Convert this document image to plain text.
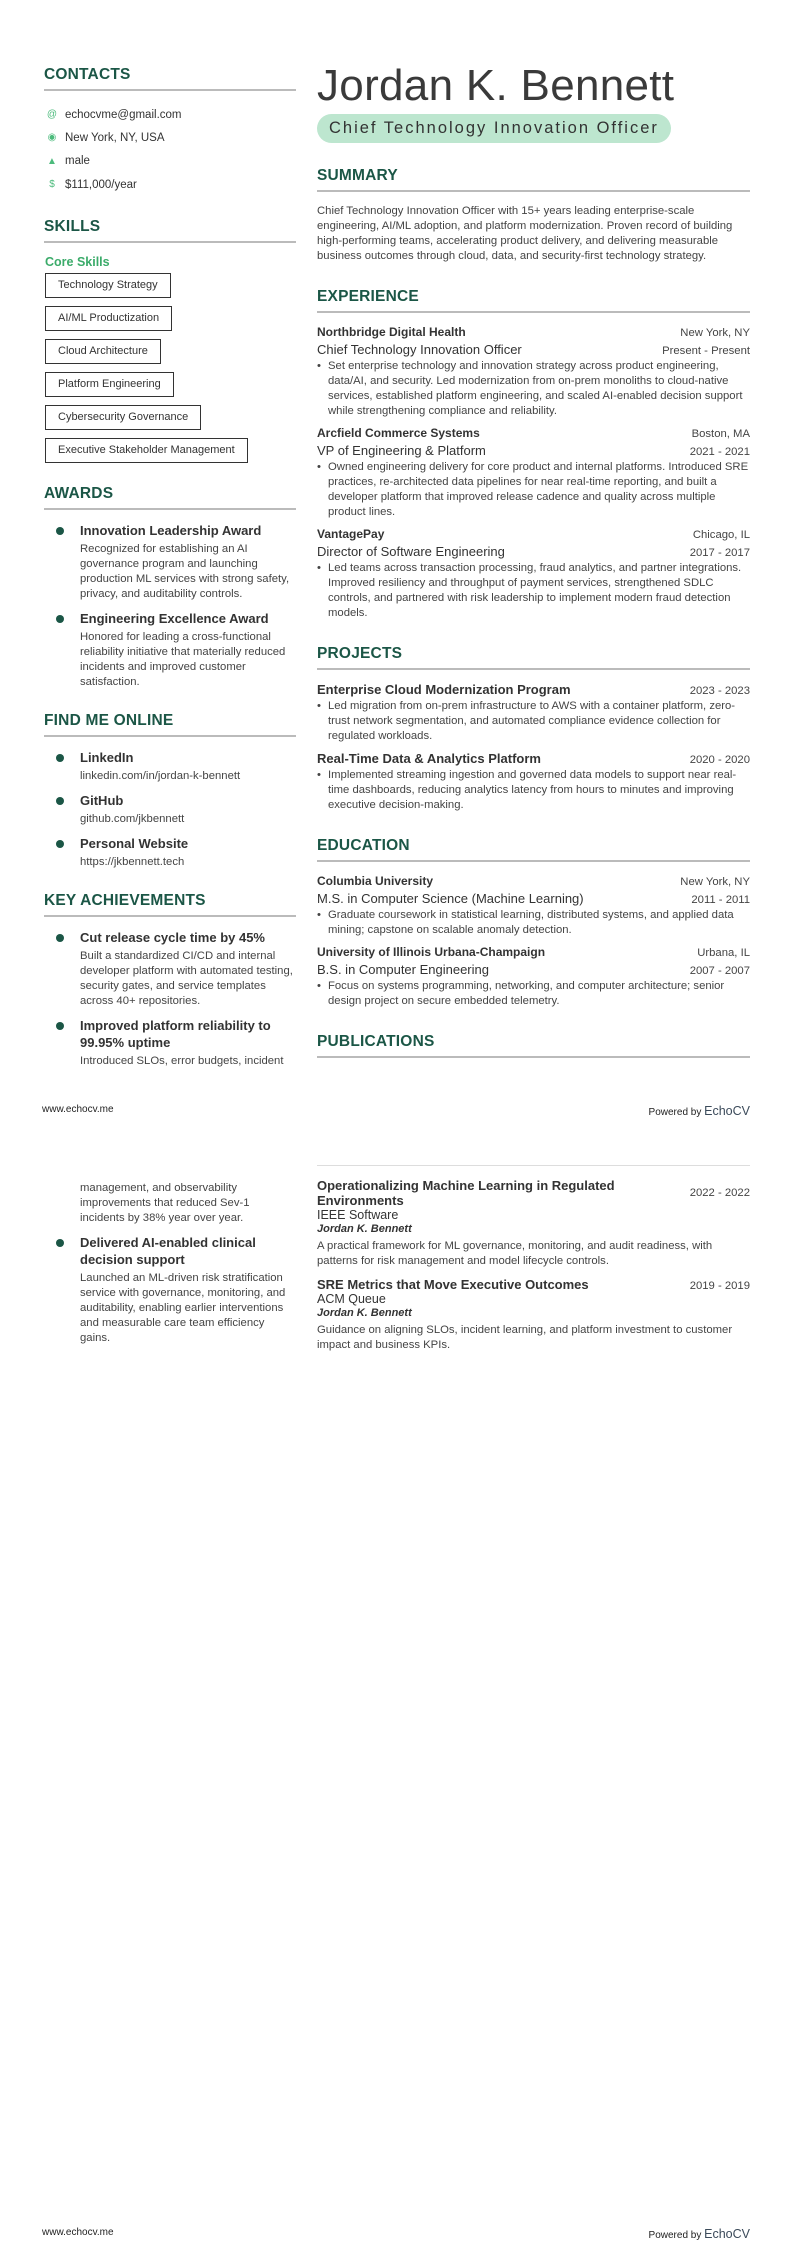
CONTACTS
@ echocvme@gmail.com
◉ New York, NY, USA
▲ male
$ $111,000/year
SKILLS
Core Skills
Technology Strategy
AI/ML Productization
Cloud Architecture
Platform Engineering
Cybersecurity Governance
Executive Stakeholder Management
AWARDS
Innovation Leadership Award
Recognized for establishing an AI governance program and launching production ML services with strong safety, privacy, and auditability controls.
Engineering Excellence Award
Honored for leading a cross-functional reliability initiative that materially reduced incidents and improved customer satisfaction.
FIND ME ONLINE
LinkedIn
linkedin.com/in/jordan-k-bennett
GitHub
github.com/jkbennett
Personal Website
https://jkbennett.tech
KEY ACHIEVEMENTS
Cut release cycle time by 45%
Built a standardized CI/CD and internal developer platform with automated testing, security gates, and service templates across 40+ repositories.
Improved platform reliability to 99.95% uptime
Introduced SLOs, error budgets, incident
Jordan K. Bennett
Chief Technology Innovation Officer
SUMMARY
Chief Technology Innovation Officer with 15+ years leading enterprise-scale engineering, AI/ML adoption, and platform modernization. Proven record of building high-performing teams, accelerating product delivery, and delivering measurable business outcomes through cloud, data, and security-first technology strategy.
EXPERIENCE
Northbridge Digital Health	New York, NY
Chief Technology Innovation Officer	Present - Present
• Set enterprise technology and innovation strategy across product engineering, data/AI, and security. Led modernization from on-prem monoliths to cloud-native services, established platform engineering, and scaled AI-enabled decision support while strengthening compliance and reliability.
Arcfield Commerce Systems	Boston, MA
VP of Engineering & Platform	2021 - 2021
• Owned engineering delivery for core product and internal platforms. Introduced SRE practices, re-architected data pipelines for near real-time reporting, and built a developer platform that improved release cadence and quality across multiple product lines.
VantagePay	Chicago, IL
Director of Software Engineering	2017 - 2017
• Led teams across transaction processing, fraud analytics, and partner integrations. Improved resiliency and throughput of payment services, strengthened SDLC controls, and partnered with risk leadership to implement modern fraud detection models.
PROJECTS
Enterprise Cloud Modernization Program	2023 - 2023
• Led migration from on-prem infrastructure to AWS with a container platform, zero-trust network segmentation, and automated compliance evidence collection for regulated workloads.
Real-Time Data & Analytics Platform	2020 - 2020
• Implemented streaming ingestion and governed data models to support near real-time dashboards, reducing analytics latency from hours to minutes and improving executive decision-making.
EDUCATION
Columbia University	New York, NY
M.S. in Computer Science (Machine Learning)	2011 - 2011
• Graduate coursework in statistical learning, distributed systems, and applied data mining; capstone on scalable anomaly detection.
University of Illinois Urbana-Champaign	Urbana, IL
B.S. in Computer Engineering	2007 - 2007
• Focus on systems programming, networking, and computer architecture; senior design project on secure embedded telemetry.
PUBLICATIONS
www.echocv.me	Powered by EchoCV
management, and observability improvements that reduced Sev-1 incidents by 38% year over year.
Delivered AI-enabled clinical decision support
Launched an ML-driven risk stratification service with governance, monitoring, and auditability, enabling earlier interventions and measurable care team efficiency gains.
Operationalizing Machine Learning in Regulated Environments	2022 - 2022
IEEE Software
Jordan K. Bennett
A practical framework for ML governance, monitoring, and audit readiness, with patterns for risk management and model lifecycle controls.
SRE Metrics that Move Executive Outcomes	2019 - 2019
ACM Queue
Jordan K. Bennett
Guidance on aligning SLOs, incident learning, and platform investment to customer impact and business KPIs.
www.echocv.me	Powered by EchoCV
